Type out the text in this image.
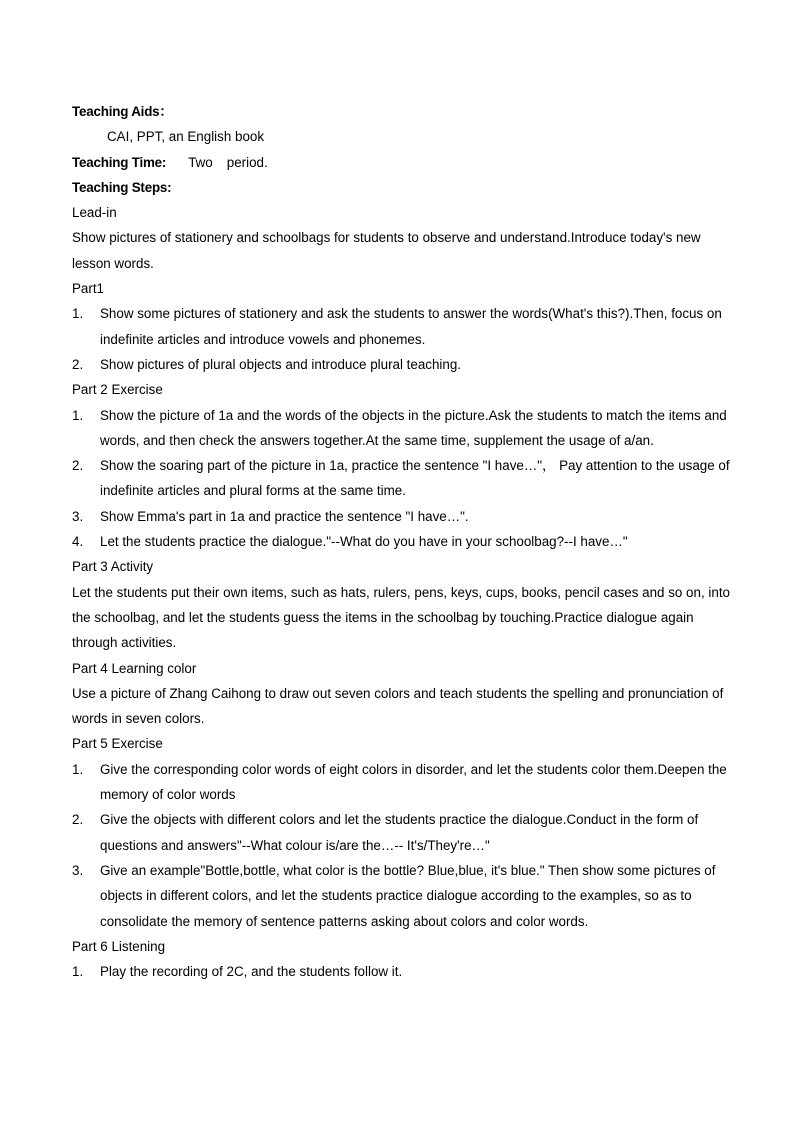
Teaching Aids：
CAI, PPT, an English book
Teaching Time: Two period.
Teaching Steps:
Lead-in
Show pictures of stationery and schoolbags for students to observe and understand.Introduce today's new lesson words.
Part1
1. Show some pictures of stationery and ask the students to answer the words(What's this?).Then, focus on indefinite articles and introduce vowels and phonemes.
2. Show pictures of plural objects and introduce plural teaching.
Part 2 Exercise
1. Show the picture of 1a and the words of the objects in the picture.Ask the students to match the items and words, and then check the answers together.At the same time, supplement the usage of a/an.
2. Show the soaring part of the picture in 1a, practice the sentence "I have…"， Pay attention to the usage of indefinite articles and plural forms at the same time.
3. Show Emma's part in 1a and practice the sentence "I have…".
4. Let the students practice the dialogue."--What do you have in your schoolbag?--I have…"
Part 3 Activity
Let the students put their own items, such as hats, rulers, pens, keys, cups, books, pencil cases and so on, into the schoolbag, and let the students guess the items in the schoolbag by touching.Practice dialogue again through activities.
Part 4 Learning color
Use a picture of Zhang Caihong to draw out seven colors and teach students the spelling and pronunciation of words in seven colors.
Part 5 Exercise
1. Give the corresponding color words of eight colors in disorder, and let the students color them.Deepen the memory of color words
2. Give the objects with different colors and let the students practice the dialogue.Conduct in the form of questions and answers"--What colour is/are the…-- It's/They're…"
3. Give an example"Bottle,bottle, what color is the bottle? Blue,blue, it's blue." Then show some pictures of objects in different colors, and let the students practice dialogue according to the examples, so as to consolidate the memory of sentence patterns asking about colors and color words.
Part 6 Listening
1. Play the recording of 2C, and the students follow it.
